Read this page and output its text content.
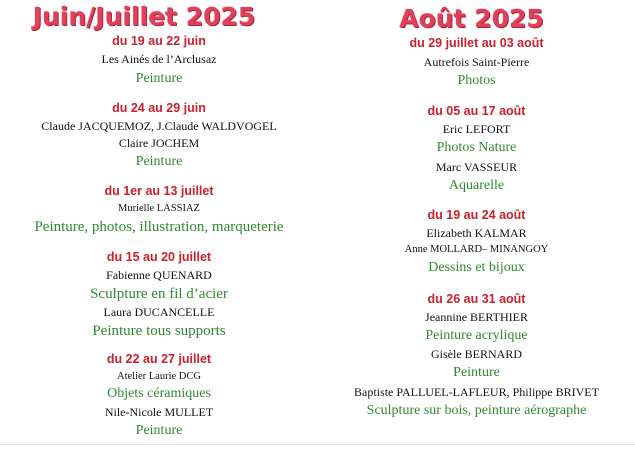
Juin/Juillet 2025
du 19 au 22 juin
Les Ainés de l’Arclusaz
Peinture
du 24 au 29 juin
Claude JACQUEMOZ, J.Claude WALDVOGEL
Claire JOCHEM
Peinture
du 1er au 13 juillet
Murielle LASSIAZ
Peinture, photos, illustration, marqueterie
du 15 au 20 juillet
Fabienne QUENARD
Sculpture en fil d’acier
Laura DUCANCELLE
Peinture tous supports
du 22 au 27 juillet
Atelier Laurie DCG
Objets céramiques
Nile-Nicole MULLET
Peinture
Août 2025
du 29 juillet au 03 août
Autrefois Saint-Pierre
Photos
du 05 au 17 août
Eric LEFORT
Photos Nature
Marc VASSEUR
Aquarelle
du 19 au 24 août
Elizabeth KALMAR
Anne MOLLARD– MINANGOY
Dessins et bijoux
du 26 au 31 août
Jeannine BERTHIER
Peinture acrylique
Gisèle BERNARD
Peinture
Baptiste PALLUEL-LAFLEUR, Philippe BRIVET
Sculpture sur bois, peinture aérographe
